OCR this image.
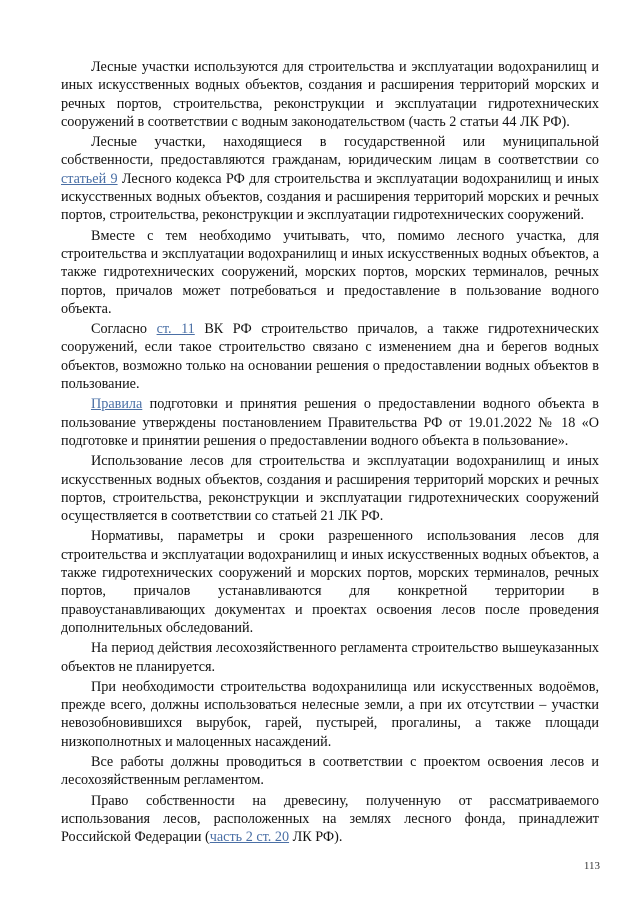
Лесные участки используются для строительства и эксплуатации водохранилищ и иных искусственных водных объектов, создания и расширения территорий морских и речных портов, строительства, реконструкции и эксплуатации гидротехнических сооружений в соответствии с водным законодательством (часть 2 статьи 44 ЛК РФ).

Лесные участки, находящиеся в государственной или муниципальной собственности, предоставляются гражданам, юридическим лицам в соответствии со статьей 9 Лесного кодекса РФ для строительства и эксплуатации водохранилищ и иных искусственных водных объектов, создания и расширения территорий морских и речных портов, строительства, реконструкции и эксплуатации гидротехнических сооружений.

Вместе с тем необходимо учитывать, что, помимо лесного участка, для строительства и эксплуатации водохранилищ и иных искусственных водных объектов, а также гидротехнических сооружений, морских портов, морских терминалов, речных портов, причалов может потребоваться и предоставление в пользование водного объекта.

Согласно ст. 11 ВК РФ строительство причалов, а также гидротехнических сооружений, если такое строительство связано с изменением дна и берегов водных объектов, возможно только на основании решения о предоставлении водных объектов в пользование.

Правила подготовки и принятия решения о предоставлении водного объекта в пользование утверждены постановлением Правительства РФ от 19.01.2022 № 18 «О подготовке и принятии решения о предоставлении водного объекта в пользование».

Использование лесов для строительства и эксплуатации водохранилищ и иных искусственных водных объектов, создания и расширения территорий морских и речных портов, строительства, реконструкции и эксплуатации гидротехнических сооружений осуществляется в соответствии со статьей 21 ЛК РФ.

Нормативы, параметры и сроки разрешенного использования лесов для строительства и эксплуатации водохранилищ и иных искусственных водных объектов, а также гидротехнических сооружений и морских портов, морских терминалов, речных портов, причалов устанавливаются для конкретной территории в правоустанавливающих документах и проектах освоения лесов после проведения дополнительных обследований.

На период действия лесохозяйственного регламента строительство вышеуказанных объектов не планируется.

При необходимости строительства водохранилища или искусственных водоёмов, прежде всего, должны использоваться нелесные земли, а при их отсутствии – участки невозобновившихся вырубок, гарей, пустырей, прогалины, а также площади низкополнотных и малоценных насаждений.

Все работы должны проводиться в соответствии с проектом освоения лесов и лесохозяйственным регламентом.

Право собственности на древесину, полученную от рассматриваемого использования лесов, расположенных на землях лесного фонда, принадлежит Российской Федерации (часть 2 ст. 20 ЛК РФ).

113
